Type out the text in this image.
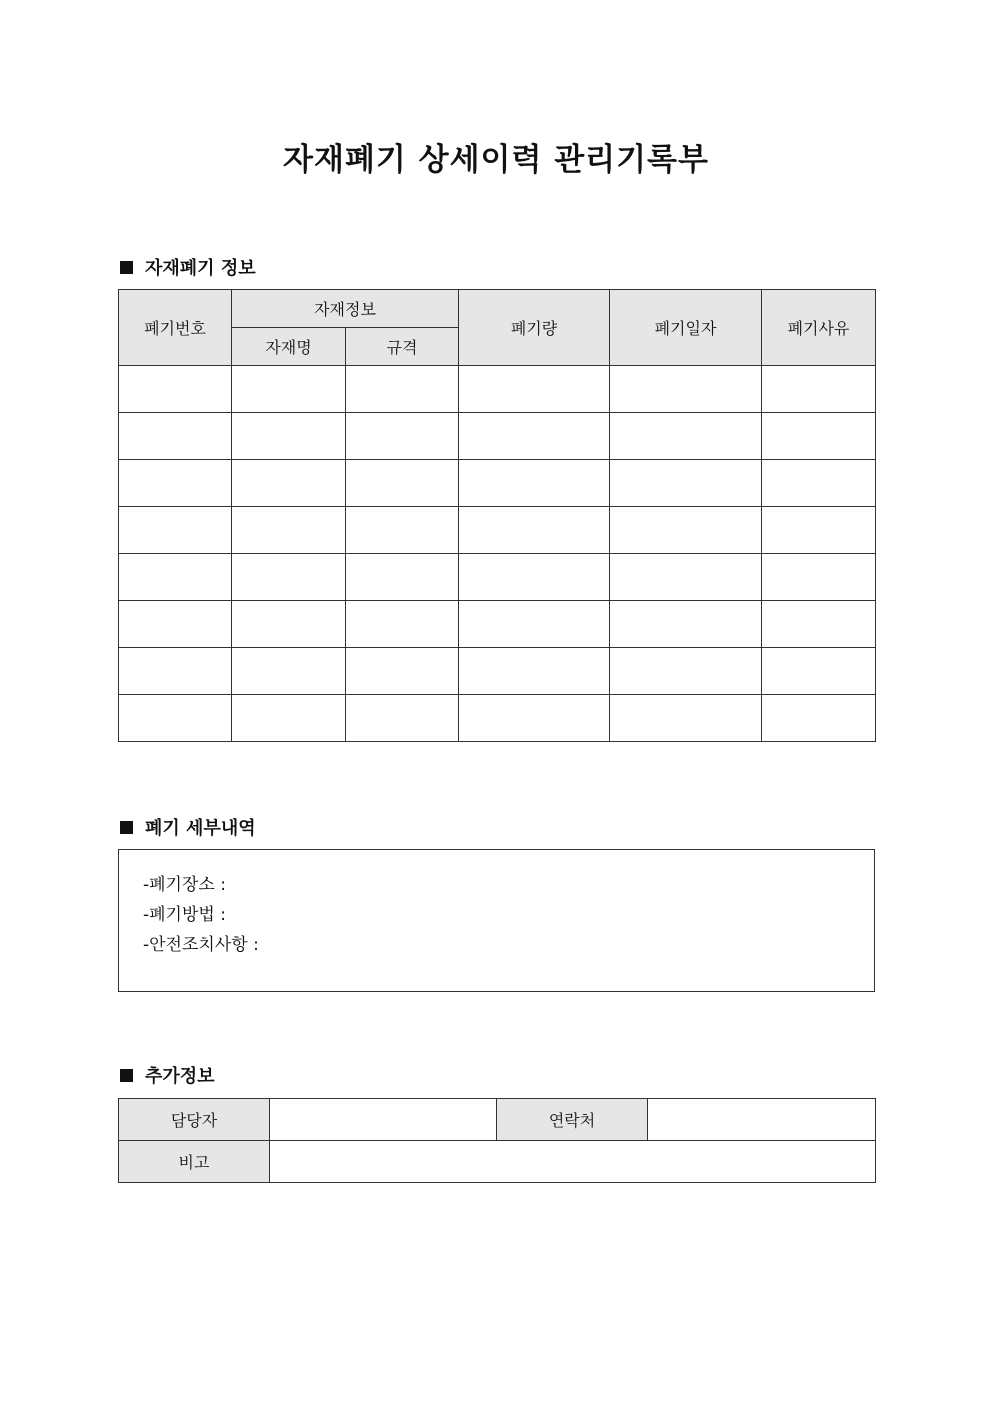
자재폐기 상세이력 관리기록부
자재폐기 정보
폐기번호	자재정보		폐기량	폐기일자	폐기사유
	자재명	규격			

폐기 세부내역
-폐기장소 :
-폐기방법 :
-안전조치사항 :
추가정보
담당자		연락처	
비고			
